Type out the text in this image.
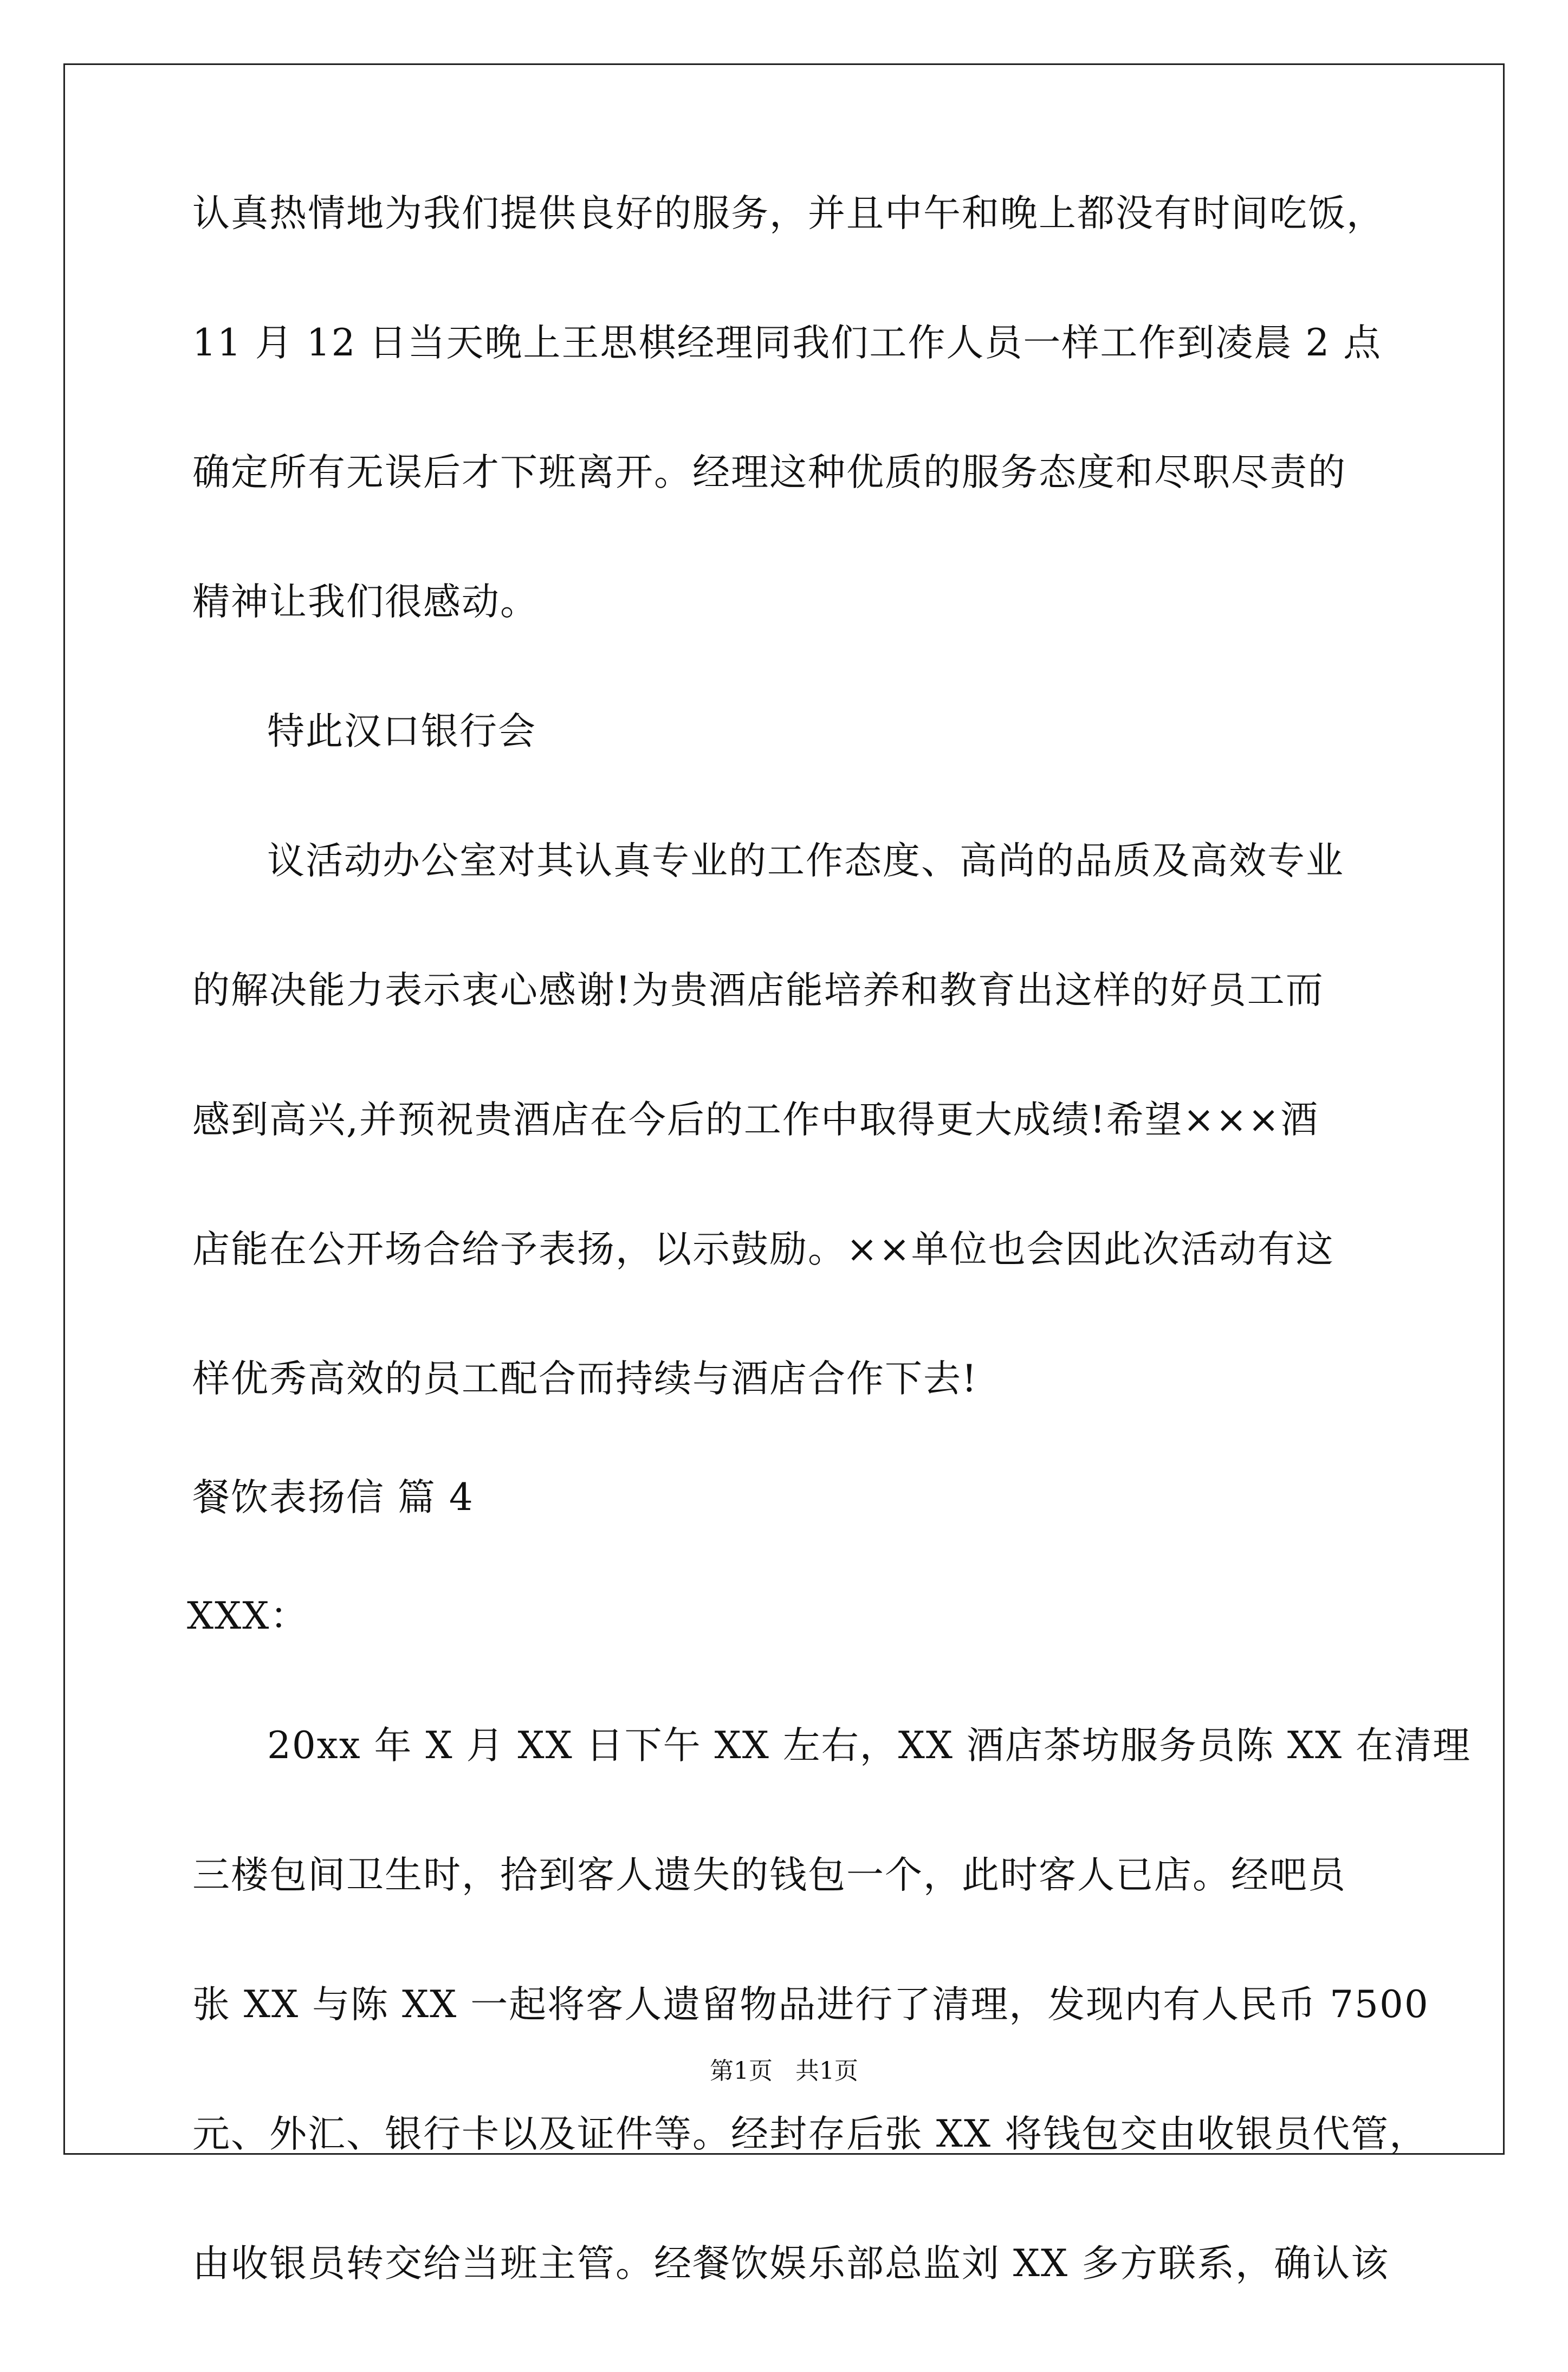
认真热情地为我们提供良好的服务，并且中午和晚上都没有时间吃饭，
11 月 12 日当天晚上王思棋经理同我们工作人员一样工作到凌晨 2 点
确定所有无误后才下班离开。经理这种优质的服务态度和尽职尽责的
精神让我们很感动。
特此汉口银行会
议活动办公室对其认真专业的工作态度、高尚的品质及高效专业
的解决能力表示衷心感谢!为贵酒店能培养和教育出这样的好员工而
感到高兴,并预祝贵酒店在今后的工作中取得更大成绩!希望×××酒
店能在公开场合给予表扬，以示鼓励。××单位也会因此次活动有这
样优秀高效的员工配合而持续与酒店合作下去!
餐饮表扬信 篇 4
XXX：
20xx 年 X 月 XX 日下午 XX 左右，XX 酒店茶坊服务员陈 XX 在清理
三楼包间卫生时，拾到客人遗失的钱包一个，此时客人已店。经吧员
张 XX 与陈 XX 一起将客人遗留物品进行了清理，发现内有人民币 7500
元、外汇、银行卡以及证件等。经封存后张 XX 将钱包交由收银员代管，
由收银员转交给当班主管。经餐饮娱乐部总监刘 XX 多方联系，确认该
第1页   共1页
